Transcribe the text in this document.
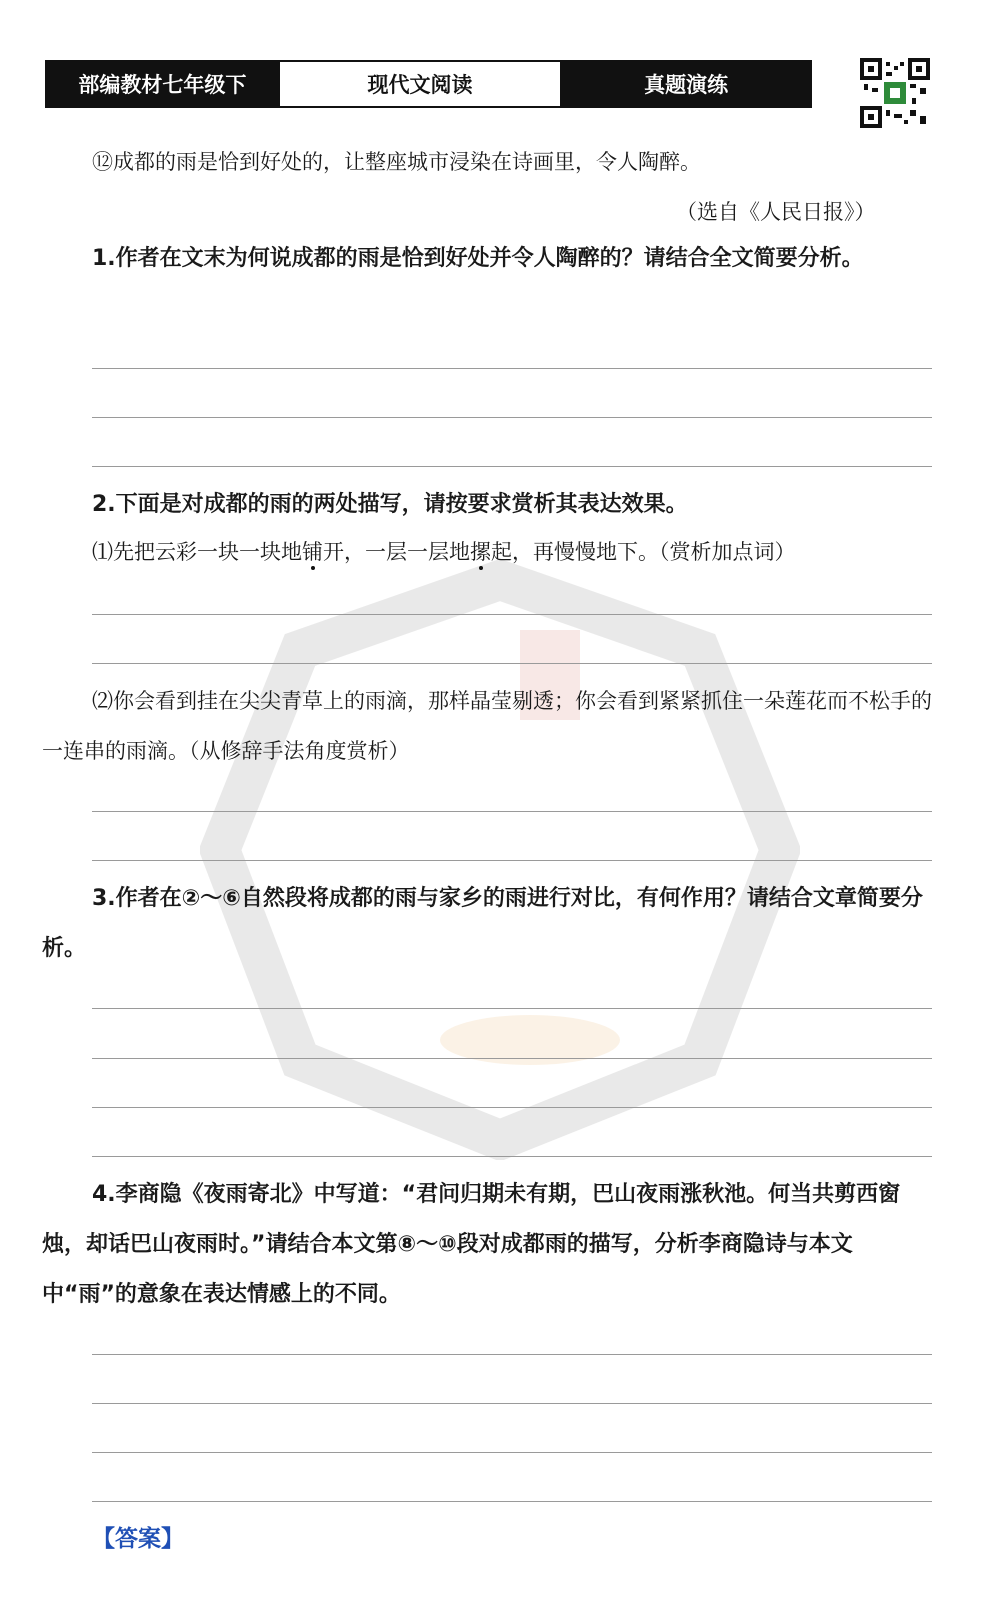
部编教材七年级下	现代文阅读	真题演练
⑫成都的雨是恰到好处的，让整座城市浸染在诗画里，令人陶醉。
（选自《人民日报》）
1.作者在文末为何说成都的雨是恰到好处并令人陶醉的？请结合全文简要分析。
2.下面是对成都的雨的两处描写，请按要求赏析其表达效果。
⑴先把云彩一块一块地铺开，一层一层地摞起，再慢慢地下。（赏析加点词）
⑵你会看到挂在尖尖青草上的雨滴，那样晶莹剔透；你会看到紧紧抓住一朵莲花而不松手的一连串的雨滴。（从修辞手法角度赏析）
3.作者在②～⑥自然段将成都的雨与家乡的雨进行对比，有何作用？请结合文章简要分析。
4.李商隐《夜雨寄北》中写道：“君问归期未有期，巴山夜雨涨秋池。何当共剪西窗烛，却话巴山夜雨时。”请结合本文第⑧～⑩段对成都雨的描写，分析李商隐诗与本文中“雨”的意象在表达情感上的不同。
【答案】
